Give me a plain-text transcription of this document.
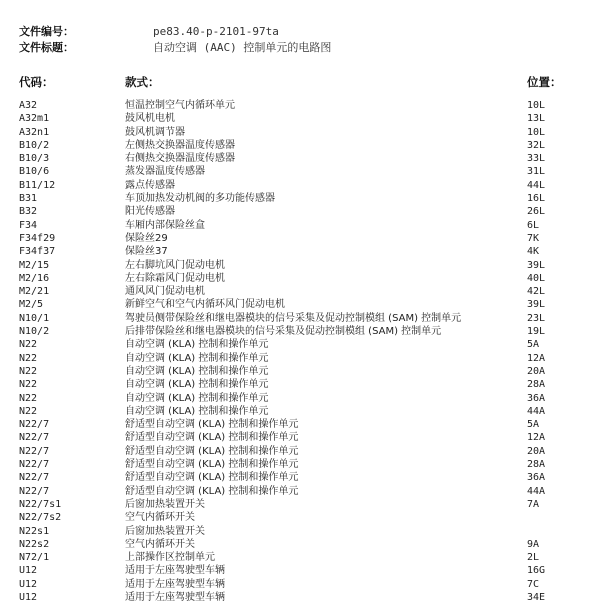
文件编号：	pe83.40-p-2101-97ta
文件标题：	自动空调 (AAC) 控制单元的电路图
代码：	款式：	位置：
A32	恒温控制空气内循环单元	10L
A32m1	鼓风机电机	13L
A32n1	鼓风机调节器	10L
B10/2	左侧热交换器温度传感器	32L
B10/3	右侧热交换器温度传感器	33L
B10/6	蒸发器温度传感器	31L
B11/12	露点传感器	44L
B31	车顶加热发动机阀的多功能传感器	16L
B32	阳光传感器	26L
F34	车厢内部保险丝盒	6L
F34f29	保险丝29	7K
F34f37	保险丝37	4K
M2/15	左右脚坑风门促动电机	39L
M2/16	左右除霜风门促动电机	40L
M2/21	通风风门促动电机	42L
M2/5	新鲜空气和空气内循环风门促动电机	39L
N10/1	驾驶员侧带保险丝和继电器模块的信号采集及促动控制模组 (SAM) 控制单元	23L
N10/2	后排带保险丝和继电器模块的信号采集及促动控制模组 (SAM) 控制单元	19L
N22	自动空调 (KLA) 控制和操作单元	5A
N22	自动空调 (KLA) 控制和操作单元	12A
N22	自动空调 (KLA) 控制和操作单元	20A
N22	自动空调 (KLA) 控制和操作单元	28A
N22	自动空调 (KLA) 控制和操作单元	36A
N22	自动空调 (KLA) 控制和操作单元	44A
N22/7	舒适型自动空调 (KLA) 控制和操作单元	5A
N22/7	舒适型自动空调 (KLA) 控制和操作单元	12A
N22/7	舒适型自动空调 (KLA) 控制和操作单元	20A
N22/7	舒适型自动空调 (KLA) 控制和操作单元	28A
N22/7	舒适型自动空调 (KLA) 控制和操作单元	36A
N22/7	舒适型自动空调 (KLA) 控制和操作单元	44A
N22/7s1	后窗加热装置开关	7A
N22/7s2	空气内循环开关
N22s1	后窗加热装置开关
N22s2	空气内循环开关	9A
N72/1	上部操作区控制单元	2L
U12	适用于左座驾驶型车辆	16G
U12	适用于左座驾驶型车辆	7C
U12	适用于左座驾驶型车辆	34E
